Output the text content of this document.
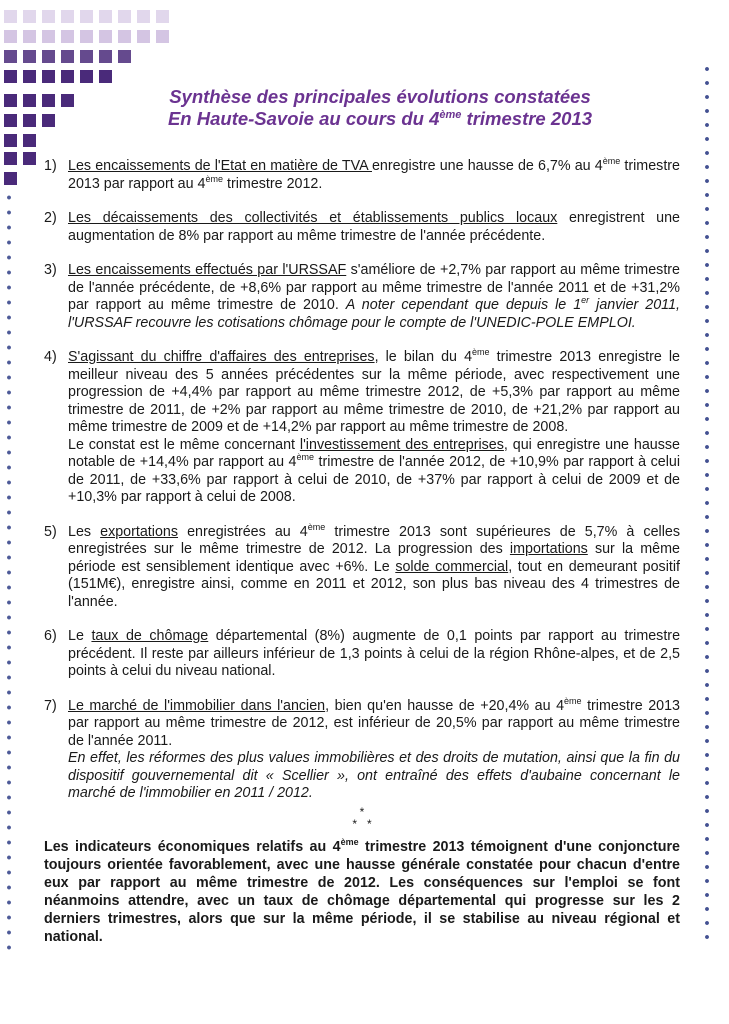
Synthèse des principales évolutions constatées
En Haute-Savoie au cours du 4ème trimestre 2013
1) Les encaissements de l'Etat en matière de TVA enregistre une hausse de 6,7% au 4ème trimestre 2013 par rapport au 4ème trimestre 2012.
2) Les décaissements des collectivités et établissements publics locaux enregistrent une augmentation de 8% par rapport au même trimestre de l'année précédente.
3) Les encaissements effectués par l'URSSAF s'améliore de +2,7% par rapport au même trimestre de l'année précédente, de +8,6% par rapport au même trimestre de l'année 2011 et de +31,2% par rapport au même trimestre de 2010. A noter cependant que depuis le 1er janvier 2011, l'URSSAF recouvre les cotisations chômage pour le compte de l'UNEDIC-POLE EMPLOI.
4) S'agissant du chiffre d'affaires des entreprises, le bilan du 4ème trimestre 2013 enregistre le meilleur niveau des 5 années précédentes sur la même période, avec respectivement une progression de +4,4% par rapport au même trimestre 2012, de +5,3% par rapport au même trimestre de 2011, de +2% par rapport au même trimestre de 2010, de +21,2% par rapport au même trimestre de 2009 et de +14,2% par rapport au même trimestre de 2008.
Le constat est le même concernant l'investissement des entreprises, qui enregistre une hausse notable de +14,4% par rapport au 4ème trimestre de l'année 2012, de +10,9% par rapport à celui de 2011, de +33,6% par rapport à celui de 2010, de +37% par rapport à celui de 2009 et de +10,3% par rapport à celui de 2008.
5) Les exportations enregistrées au 4ème trimestre 2013 sont supérieures de 5,7% à celles enregistrées sur le même trimestre de 2012. La progression des importations sur la même période est sensiblement identique avec +6%. Le solde commercial, tout en demeurant positif (151M€), enregistre ainsi, comme en 2011 et 2012, son plus bas niveau des 4 trimestres de l'année.
6) Le taux de chômage départemental (8%) augmente de 0,1 points par rapport au trimestre précédent. Il reste par ailleurs inférieur de 1,3 points à celui de la région Rhône-alpes, et de 2,5 points à celui du niveau national.
7) Le marché de l'immobilier dans l'ancien, bien qu'en hausse de +20,4% au 4ème trimestre 2013 par rapport au même trimestre de 2012, est inférieur de 20,5% par rapport au même trimestre de l'année 2011.
En effet, les réformes des plus values immobilières et des droits de mutation, ainsi que la fin du dispositif gouvernemental dit « Scellier », ont entraîné des effets d'aubaine concernant le marché de l'immobilier en 2011 / 2012.
*
*   *
Les indicateurs économiques relatifs au 4ème trimestre 2013 témoignent d'une conjoncture toujours orientée favorablement, avec une hausse générale constatée pour chacun d'entre eux par rapport au même trimestre de 2012. Les conséquences sur l'emploi se font néanmoins attendre, avec un taux de chômage départemental qui progresse sur les 2 derniers trimestres, alors que sur la même période, il se stabilise au niveau régional et national.
